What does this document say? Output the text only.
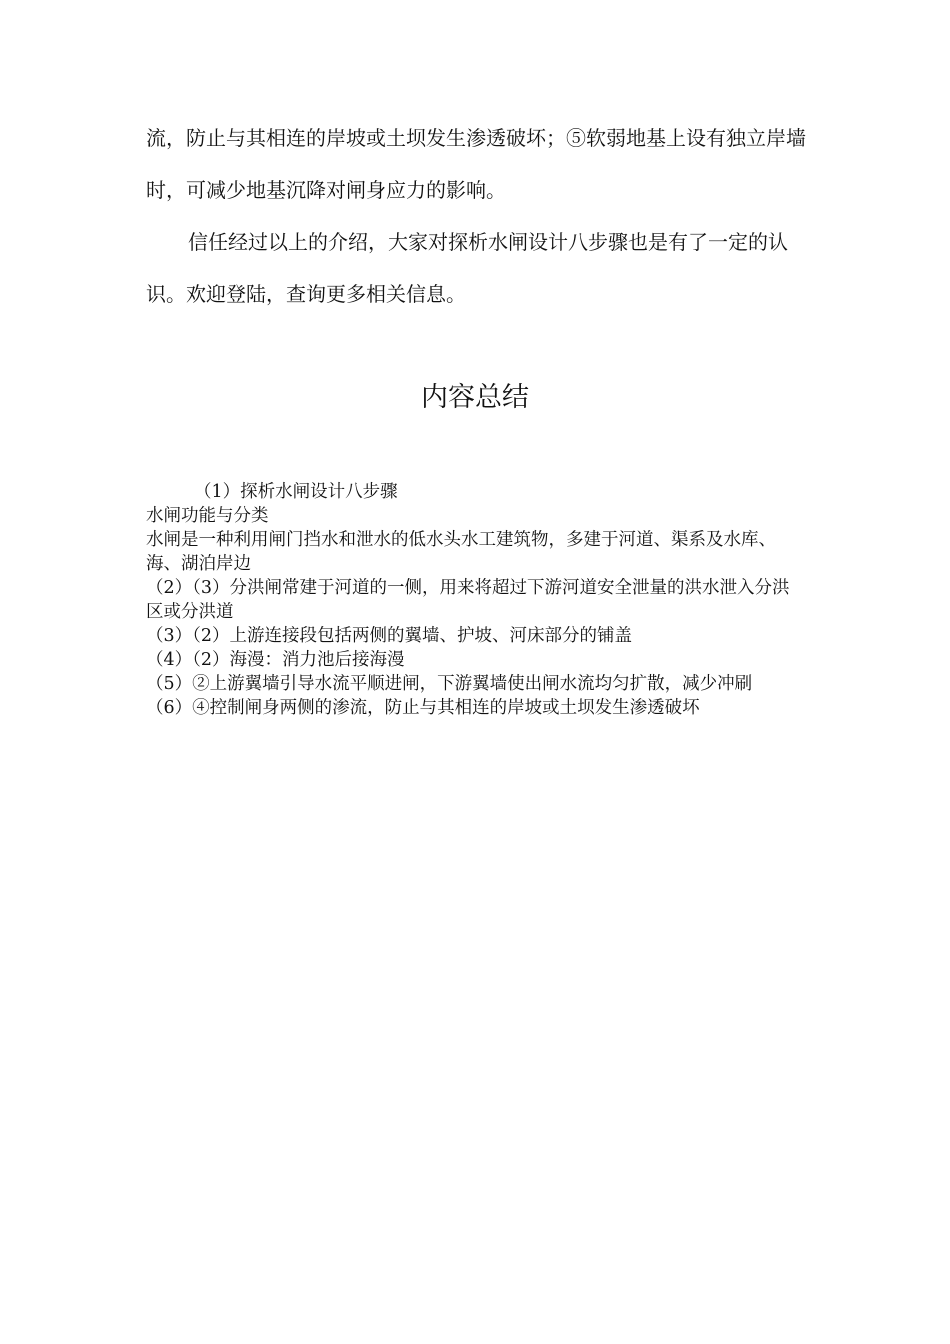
流，防止与其相连的岸坡或土坝发生渗透破坏；⑤软弱地基上设有独立岸墙时，可减少地基沉降对闸身应力的影响。

信任经过以上的介绍，大家对探析水闸设计八步骤也是有了一定的认识。欢迎登陆，查询更多相关信息。

内容总结

（1）探析水闸设计八步骤

水闸功能与分类

水闸是一种利用闸门挡水和泄水的低水头水工建筑物，多建于河道、渠系及水库、海、湖泊岸边

（2）（3）分洪闸常建于河道的一侧，用来将超过下游河道安全泄量的洪水泄入分洪区或分洪道

（3）（2）上游连接段包括两侧的翼墙、护坡、河床部分的铺盖

（4）（2）海漫：消力池后接海漫

（5）②上游翼墙引导水流平顺进闸，下游翼墙使出闸水流均匀扩散，减少冲刷

（6）④控制闸身两侧的渗流，防止与其相连的岸坡或土坝发生渗透破坏
